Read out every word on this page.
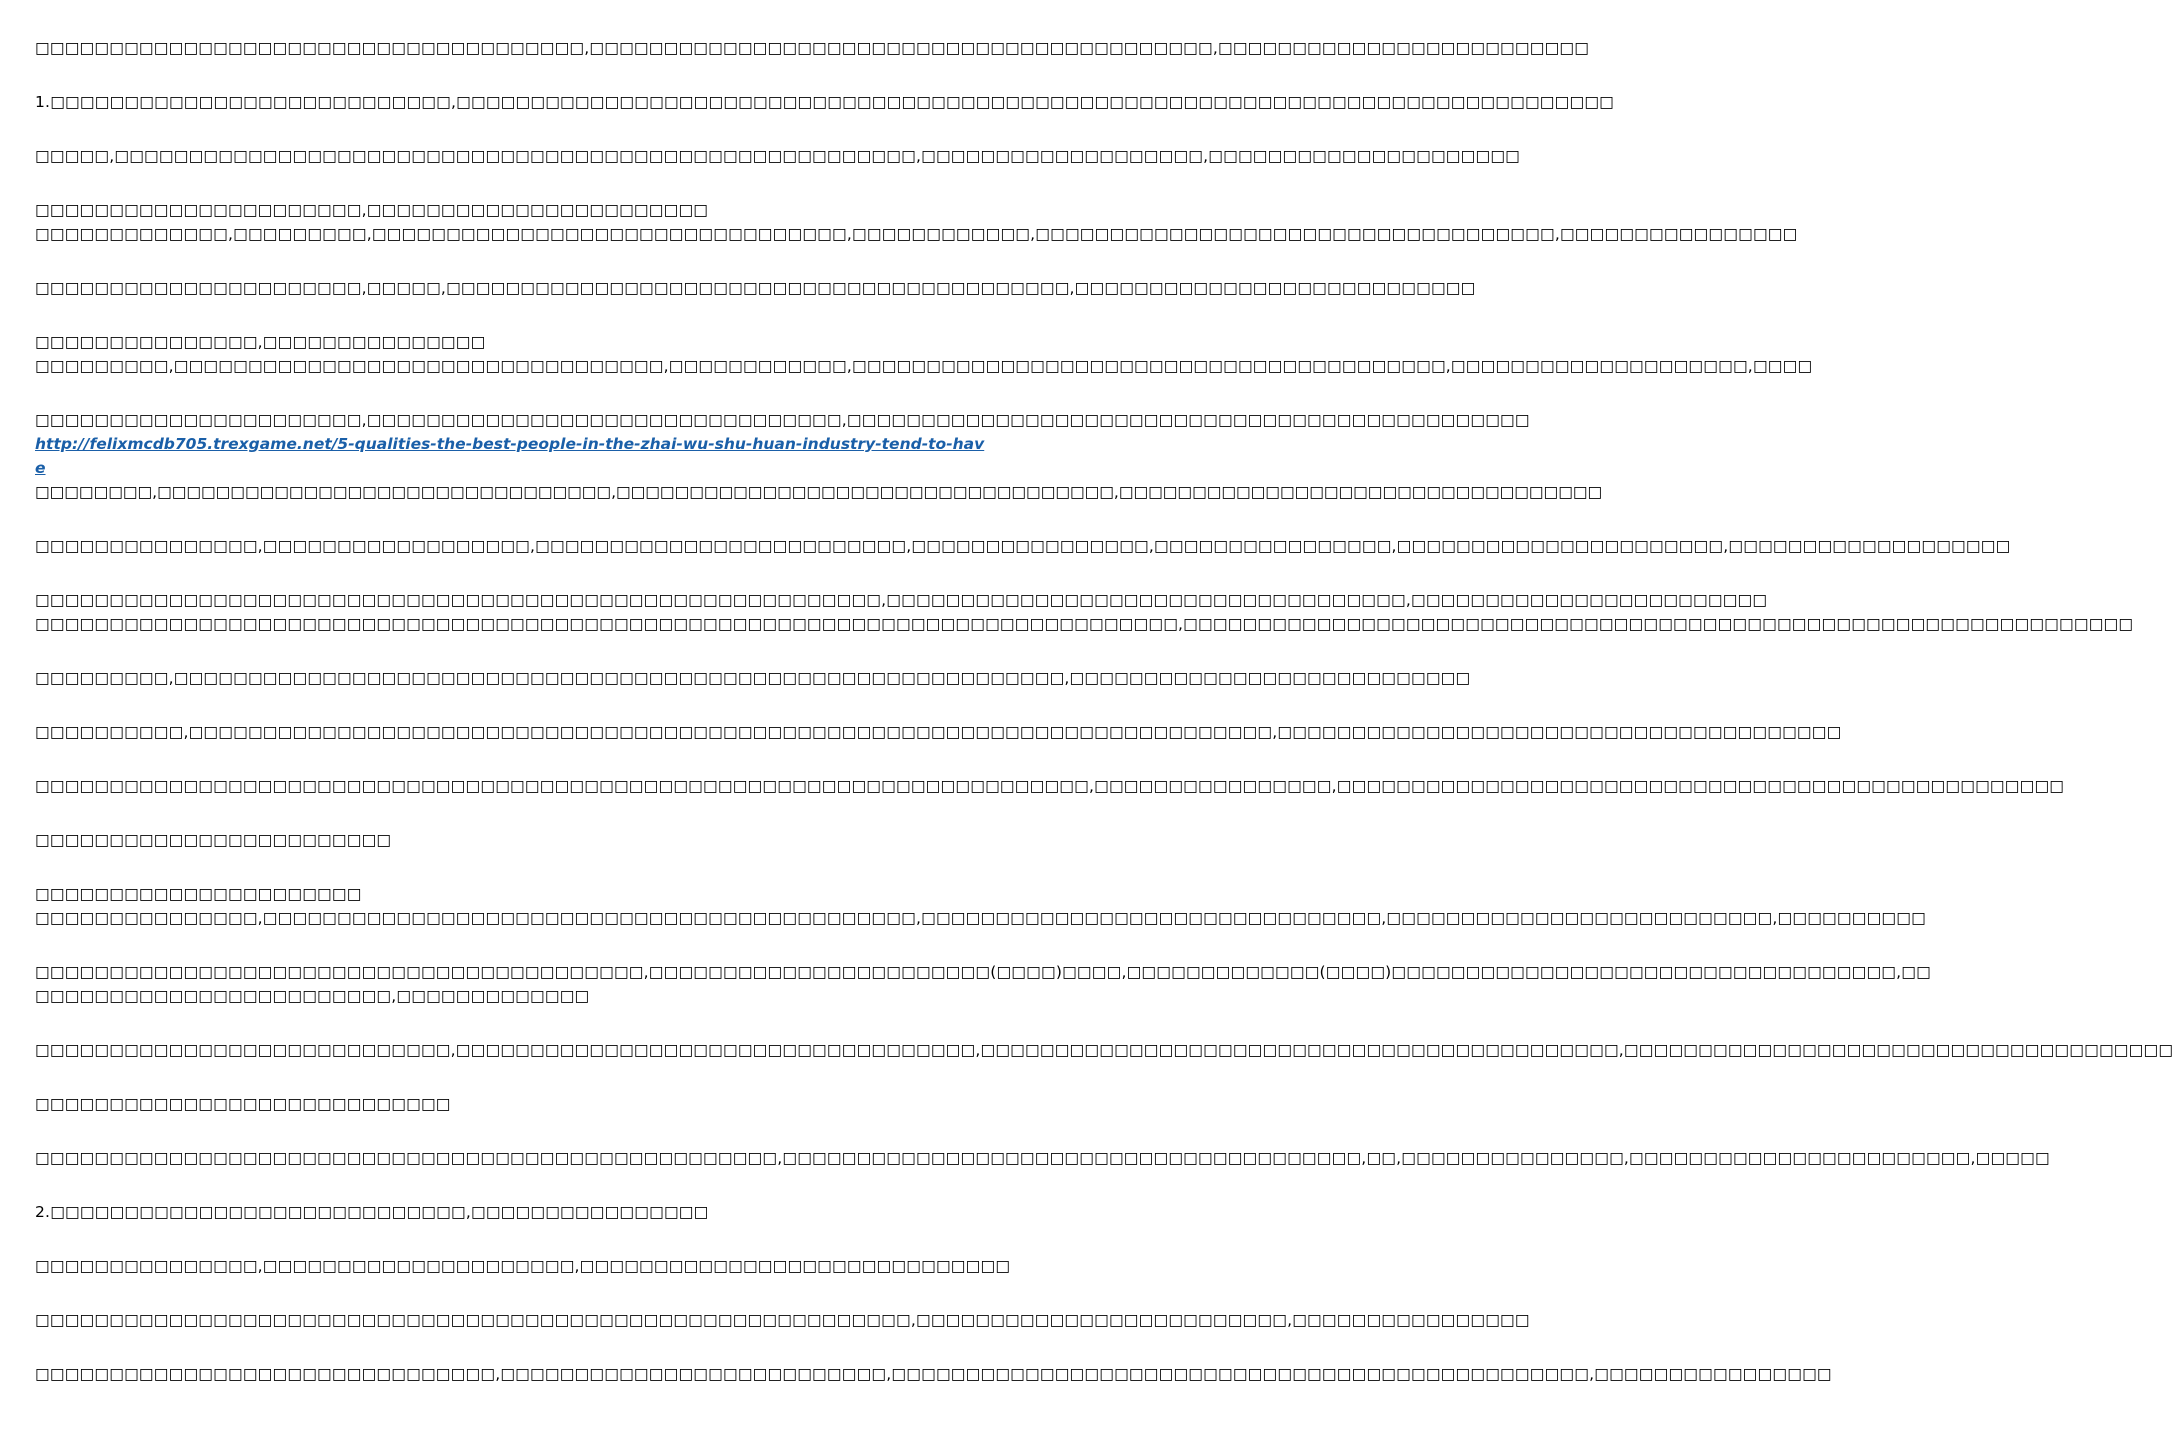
□□□□□□□□□□□□□□□□□□□□□□□□□□□□□□□□□□□□□,□□□□□□□□□□□□□□□□□□□□□□□□□□□□□□□□□□□□□□□□□□,□□□□□□□□□□□□□□□□□□□□□□□□□
1.□□□□□□□□□□□□□□□□□□□□□□□□□□□,□□□□□□□□□□□□□□□□□□□□□□□□□□□□□□□□□□□□□□□□□□□□□□□□□□□□□□□□□□□□□□□□□□□□□□□□□□□□□□
□□□□□,□□□□□□□□□□□□□□□□□□□□□□□□□□□□□□□□□□□□□□□□□□□□□□□□□□□□□□,□□□□□□□□□□□□□□□□□□□,□□□□□□□□□□□□□□□□□□□□□
□□□□□□□□□□□□□□□□□□□□□□,□□□□□□□□□□□□□□□□□□□□□□□
□□□□□□□□□□□□□,□□□□□□□□□,□□□□□□□□□□□□□□□□□□□□□□□□□□□□□□□□,□□□□□□□□□□□□,□□□□□□□□□□□□□□□□□□□□□□□□□□□□□□□□□□□,□□□□□□□□□□□□□□□□
□□□□□□□□□□□□□□□□□□□□□□,□□□□□,□□□□□□□□□□□□□□□□□□□□□□□□□□□□□□□□□□□□□□□□□□,□□□□□□□□□□□□□□□□□□□□□□□□□□□
□□□□□□□□□□□□□□□,□□□□□□□□□□□□□□□
□□□□□□□□□,□□□□□□□□□□□□□□□□□□□□□□□□□□□□□□□□□,□□□□□□□□□□□□,□□□□□□□□□□□□□□□□□□□□□□□□□□□□□□□□□□□□□□□□,□□□□□□□□□□□□□□□□□□□□,□□□□
□□□□□□□□□□□□□□□□□□□□□□,□□□□□□□□□□□□□□□□□□□□□□□□□□□□□□□□,□□□□□□□□□□□□□□□□□□□□□□□□□□□□□□□□□□□□□□□□□□□□□□
http://felixmcdb705.trexgame.net/5-qualities-the-best-people-in-the-zhai-wu-shu-huan-industry-tend-to-have □□□□□□□□,□□□□□□□□□□□□□□□□□□□□□□□□□□□□□□□,□□□□□□□□□□□□□□□□□□□□□□□□□□□□□□□□□□,□□□□□□□□□□□□□□□□□□□□□□□□□□□□□□□□□
□□□□□□□□□□□□□□□,□□□□□□□□□□□□□□□□□□,□□□□□□□□□□□□□□□□□□□□□□□□□,□□□□□□□□□□□□□□□□,□□□□□□□□□□□□□□□□,□□□□□□□□□□□□□□□□□□□□□□,□□□□□□□□□□□□□□□□□□□
□□□□□□□□□□□□□□□□□□□□□□□□□□□□□□□□□□□□□□□□□□□□□□□□□□□□□□□□□,□□□□□□□□□□□□□□□□□□□□□□□□□□□□□□□□□□□,□□□□□□□□□□□□□□□□□□□□□□□□
□□□□□□□□□□□□□□□□□□□□□□□□□□□□□□□□□□□□□□□□□□□□□□□□□□□□□□□□□□□□□□□□□□□□□□□□□□□□□,□□□□□□□□□□□□□□□□□□□□□□□□□□□□□□□□□□□□□□□□□□□□□□□□□□□□□□□□□□□□□□□□
□□□□□□□□□,□□□□□□□□□□□□□□□□□□□□□□□□□□□□□□□□□□□□□□□□□□□□□□□□□□□□□□□□□□□□,□□□□□□□□□□□□□□□□□□□□□□□□□□□
□□□□□□□□□□,□□□□□□□□□□□□□□□□□□□□□□□□□□□□□□□□□□□□□□□□□□□□□□□□□□□□□□□□□□□□□□□□□□□□□□□□□,□□□□□□□□□□□□□□□□□□□□□□□□□□□□□□□□□□□□□□
□□□□□□□□□□□□□□□□□□□□□□□□□□□□□□□□□□□□□□□□□□□□□□□□□□□□□□□□□□□□□□□□□□□□□□□,□□□□□□□□□□□□□□□□,□□□□□□□□□□□□□□□□□□□□□□□□□□□□□□□□□□□□□□□□□□□□□□□□□
□□□□□□□□□□□□□□□□□□□□□□□□
□□□□□□□□□□□□□□□□□□□□□□
□□□□□□□□□□□□□□□,□□□□□□□□□□□□□□□□□□□□□□□□□□□□□□□□□□□□□□□□□□□□,□□□□□□□□□□□□□□□□□□□□□□□□□□□□□□□,□□□□□□□□□□□□□□□□□□□□□□□□□□,□□□□□□□□□□
□□□□□□□□□□□□□□□□□□□□□□□□□□□□□□□□□□□□□□□□□,□□□□□□□□□□□□□□□□□□□□□□□(□□□□)□□□□,□□□□□□□□□□□□□(□□□□)□□□□□□□□□□□□□□□□□□□□□□□□□□□□□□□□□□,□□
□□□□□□□□□□□□□□□□□□□□□□□□,□□□□□□□□□□□□□
□□□□□□□□□□□□□□□□□□□□□□□□□□□□,□□□□□□□□□□□□□□□□□□□□□□□□□□□□□□□□□□□,□□□□□□□□□□□□□□□□□□□□□□□□□□□□□□□□□□□□□□□□□□□,□□□□□□□□□□□□□□□□□□□□□□□□□□□□□□□□□□□□□
□□□□□□□□□□□□□□□□□□□□□□□□□□□□
□□□□□□□□□□□□□□□□□□□□□□□□□□□□□□□□□□□□□□□□□□□□□□□□□□,□□□□□□□□□□□□□□□□□□□□□□□□□□□□□□□□□□□□□□□,□□,□□□□□□□□□□□□□□□,□□□□□□□□□□□□□□□□□□□□□□□,□□□□□
2.□□□□□□□□□□□□□□□□□□□□□□□□□□□□,□□□□□□□□□□□□□□□□
□□□□□□□□□□□□□□□,□□□□□□□□□□□□□□□□□□□□□,□□□□□□□□□□□□□□□□□□□□□□□□□□□□□
□□□□□□□□□□□□□□□□□□□□□□□□□□□□□□□□□□□□□□□□□□□□□□□□□□□□□□□□□□□,□□□□□□□□□□□□□□□□□□□□□□□□□,□□□□□□□□□□□□□□□□
□□□□□□□□□□□□□□□□□□□□□□□□□□□□□□□,□□□□□□□□□□□□□□□□□□□□□□□□□□,□□□□□□□□□□□□□□□□□□□□□□□□□□□□□□□□□□□□□□□□□□□□□□□,□□□□□□□□□□□□□□□□
